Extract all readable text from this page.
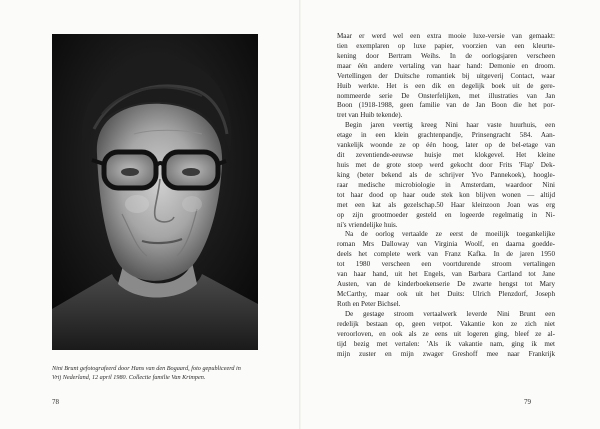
Nini Brunt gefotografeerd door Hans van den Bogaard, foto gepubliceerd in
Vrij Nederland, 12 april 1980. Collectie familie Van Krimpen.
78
Maar er werd wel een extra mooie luxe-versie van gemaakt:
tien exemplaren op luxe papier, voorzien van een kleurte-
kening door Bertram Weihs. In de oorlogsjaren verscheen
maar één andere vertaling van haar hand: Demonie en droom.
Vertellingen der Duitsche romantiek bij uitgeverij Contact, waar
Huib werkte. Het is een dik en degelijk boek uit de gere-
nommeerde serie De Onsterfelijken, met illustraties van Jan
Boon (1918-1988, geen familie van de Jan Boon die het por-
tret van Huib tekende).
Begin jaren veertig kreeg Nini haar vaste huurhuis, een
etage in een klein grachtenpandje, Prinsengracht 584. Aan-
vankelijk woonde ze op één hoog, later op de bel-etage van
dit zeventiende-eeuwse huisje met klokgevel. Het kleine
huis met de grote stoep werd gekocht door Frits 'Flap' Dek-
king (beter bekend als de schrijver Yvo Pannekoek), hoogle-
raar medische microbiologie in Amsterdam, waardoor Nini
tot haar dood op haar oude stek kon blijven wonen — altijd
met een kat als gezelschap.50 Haar kleinzoon Joan was erg
op zijn grootmoeder gesteld en logeerde regelmatig in Ni-
ni's vriendelijke huis.
Na de oorlog vertaalde ze eerst de moeilijk toegankelijke
roman Mrs Dalloway van Virginia Woolf, en daarna goedde-
deels het complete werk van Franz Kafka. In de jaren 1950
tot 1980 verscheen een voortdurende stroom vertalingen
van haar hand, uit het Engels, van Barbara Cartland tot Jane
Austen, van de kinderboekenserie De zwarte hengst tot Mary
McCarthy, maar ook uit het Duits: Ulrich Plenzdorf, Joseph
Roth en Peter Bichsel.
De gestage stroom vertaalwerk leverde Nini Brunt een
redelijk bestaan op, geen vetpot. Vakantie kon ze zich niet
veroorloven, en ook als ze eens uit logeren ging, bleef ze al-
tijd bezig met vertalen: 'Als ik vakantie nam, ging ik met
mijn zuster en mijn zwager Greshoff mee naar Frankrijk
79
